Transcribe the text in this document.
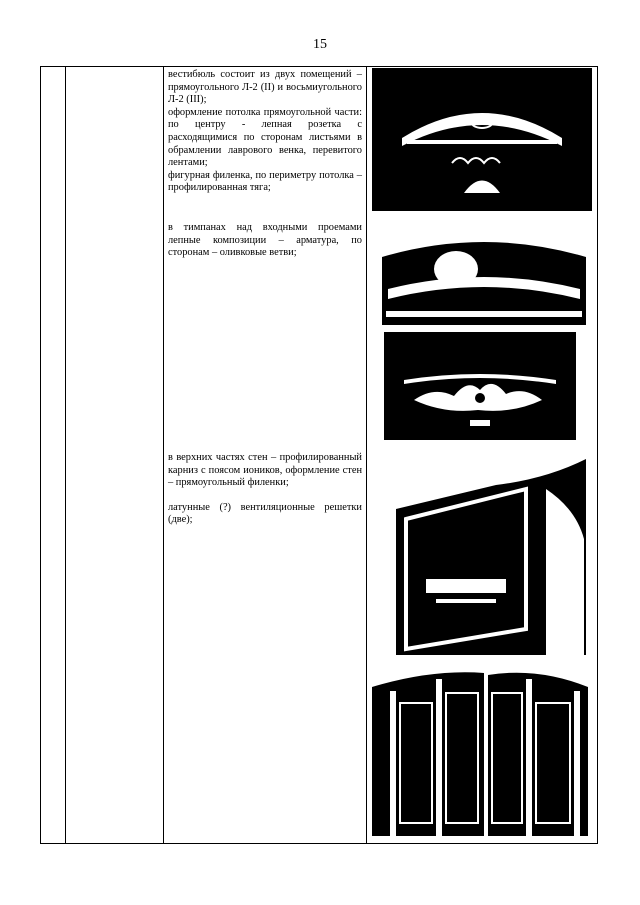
15

вестибюль состоит из двух помещений – прямоугольного Л-2 (II) и восьмиугольного Л-2 (III);

оформление потолка прямоугольной части: по центру - лепная розетка с расходящимися по сторонам листьями в обрамлении лаврового венка, перевитого лентами;

фигурная филенка, по периметру потолка – профилированная тяга;

в тимпанах над входными проемами лепные композиции – арматура, по сторонам – оливковые ветви;

в верхних частях стен – профилированный карниз с поясом иоников, оформление стен – прямоугольный филенки;

латунные (?) вентиляционные решетки (две);
